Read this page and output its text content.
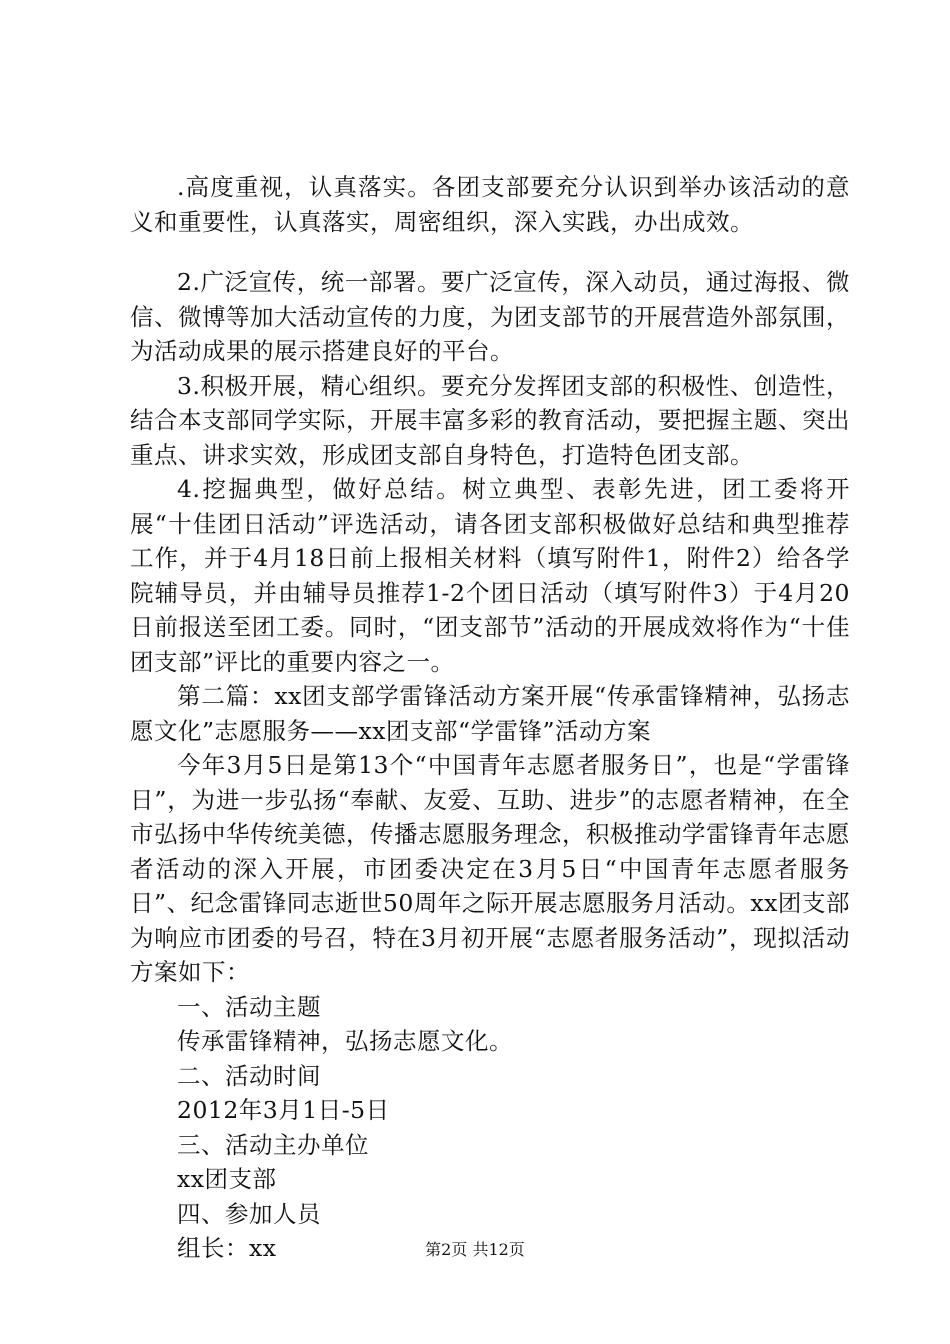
.高度重视，认真落实。各团支部要充分认识到举办该活动的意义和重要性，认真落实，周密组织，深入实践，办出成效。

2.广泛宣传，统一部署。要广泛宣传，深入动员，通过海报、微信、微博等加大活动宣传的力度，为团支部节的开展营造外部氛围，为活动成果的展示搭建良好的平台。

3.积极开展，精心组织。要充分发挥团支部的积极性、创造性，结合本支部同学实际，开展丰富多彩的教育活动，要把握主题、突出重点、讲求实效，形成团支部自身特色，打造特色团支部。

4.挖掘典型，做好总结。树立典型、表彰先进，团工委将开展“十佳团日活动”评选活动，请各团支部积极做好总结和典型推荐工作，并于4月18日前上报相关材料（填写附件1，附件2）给各学院辅导员，并由辅导员推荐1-2个团日活动（填写附件3）于4月20日前报送至团工委。同时，“团支部节”活动的开展成效将作为“十佳团支部”评比的重要内容之一。

第二篇：xx团支部学雷锋活动方案开展“传承雷锋精神，弘扬志愿文化”志愿服务——xx团支部“学雷锋”活动方案

今年3月5日是第13个“中国青年志愿者服务日”，也是“学雷锋日”，为进一步弘扬“奉献、友爱、互助、进步”的志愿者精神，在全市弘扬中华传统美德，传播志愿服务理念，积极推动学雷锋青年志愿者活动的深入开展，市团委决定在3月5日“中国青年志愿者服务日”、纪念雷锋同志逝世50周年之际开展志愿服务月活动。xx团支部为响应市团委的号召，特在3月初开展“志愿者服务活动”，现拟活动方案如下：

一、活动主题

传承雷锋精神，弘扬志愿文化。

二、活动时间

2012年3月1日-5日

三、活动主办单位

xx团支部

四、参加人员

组长：xx	第2页 共12页
